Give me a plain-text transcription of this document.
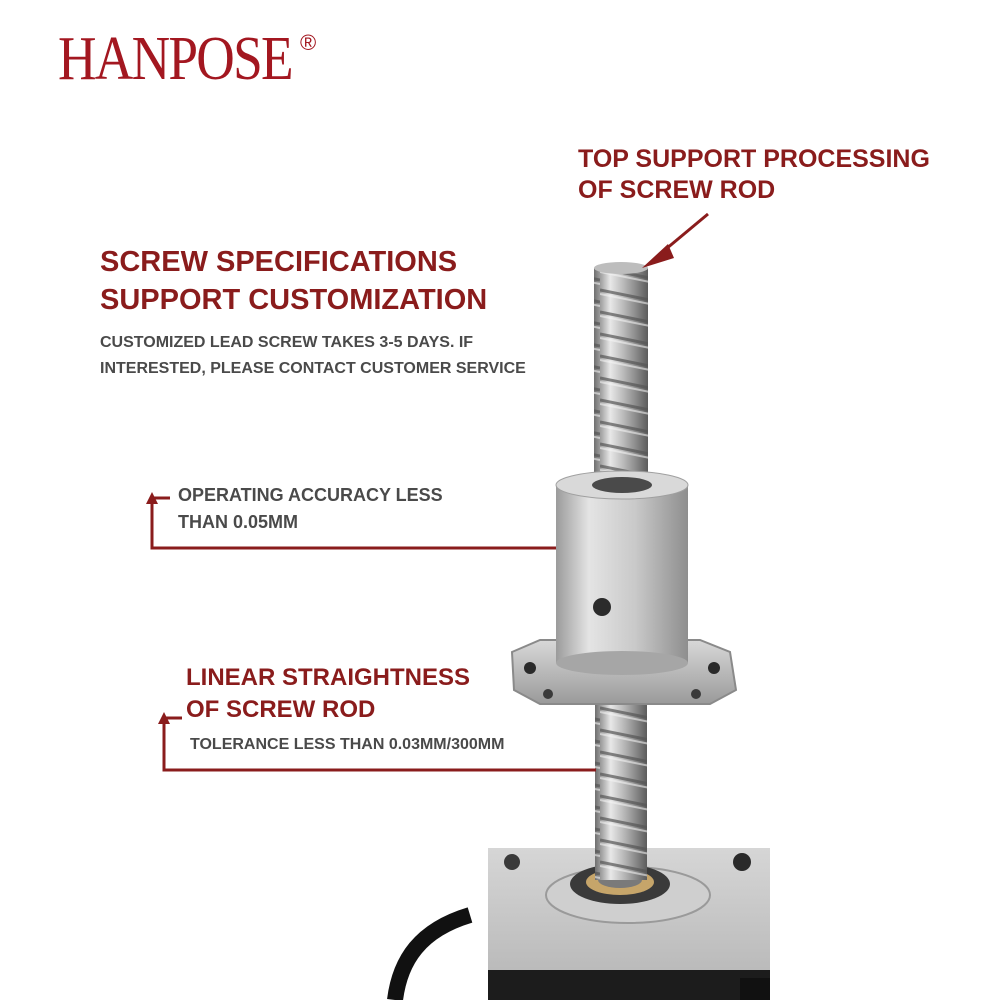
HANPOSE ®
TOP SUPPORT PROCESSING
OF SCREW ROD
SCREW SPECIFICATIONS
SUPPORT CUSTOMIZATION
CUSTOMIZED LEAD SCREW TAKES 3-5 DAYS. IF
INTERESTED, PLEASE CONTACT CUSTOMER SERVICE
OPERATING ACCURACY LESS
THAN 0.05MM
LINEAR STRAIGHTNESS
OF SCREW ROD
TOLERANCE LESS THAN 0.03MM/300MM
